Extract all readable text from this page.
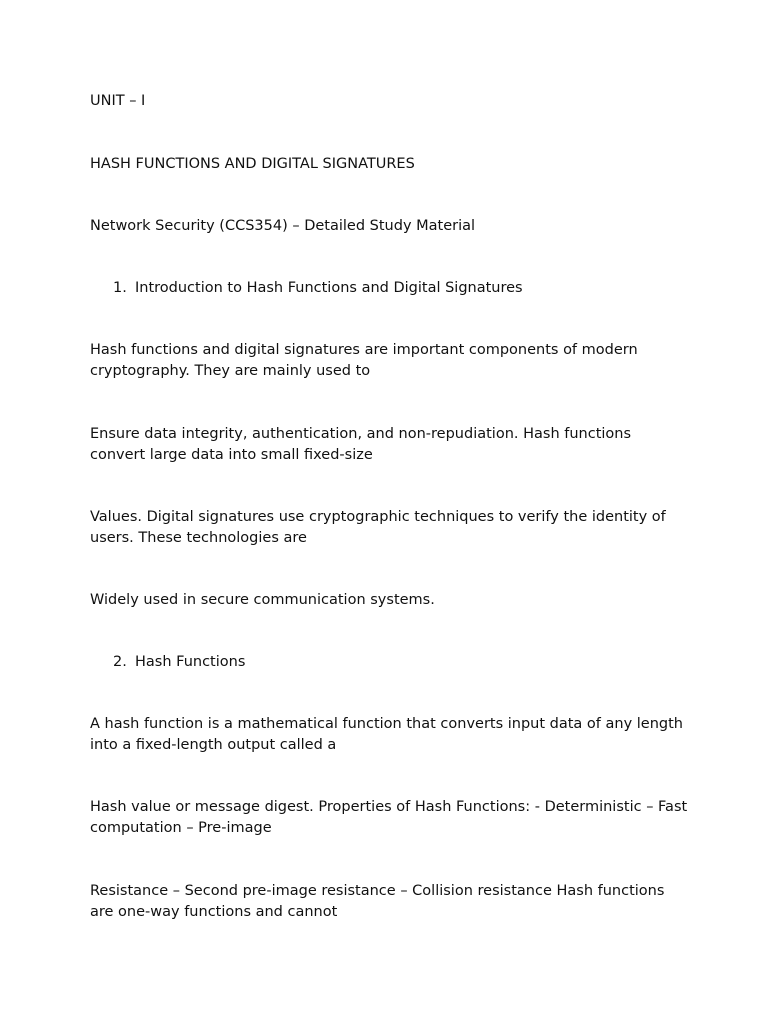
UNIT – I

HASH FUNCTIONS AND DIGITAL SIGNATURES

Network Security (CCS354) – Detailed Study Material

1. Introduction to Hash Functions and Digital Signatures

Hash functions and digital signatures are important components of modern cryptography. They are mainly used to

Ensure data integrity, authentication, and non-repudiation. Hash functions convert large data into small fixed-size

Values. Digital signatures use cryptographic techniques to verify the identity of users. These technologies are

Widely used in secure communication systems.

2. Hash Functions

A hash function is a mathematical function that converts input data of any length into a fixed-length output called a

Hash value or message digest. Properties of Hash Functions: - Deterministic – Fast computation – Pre-image

Resistance – Second pre-image resistance – Collision resistance Hash functions are one-way functions and cannot
